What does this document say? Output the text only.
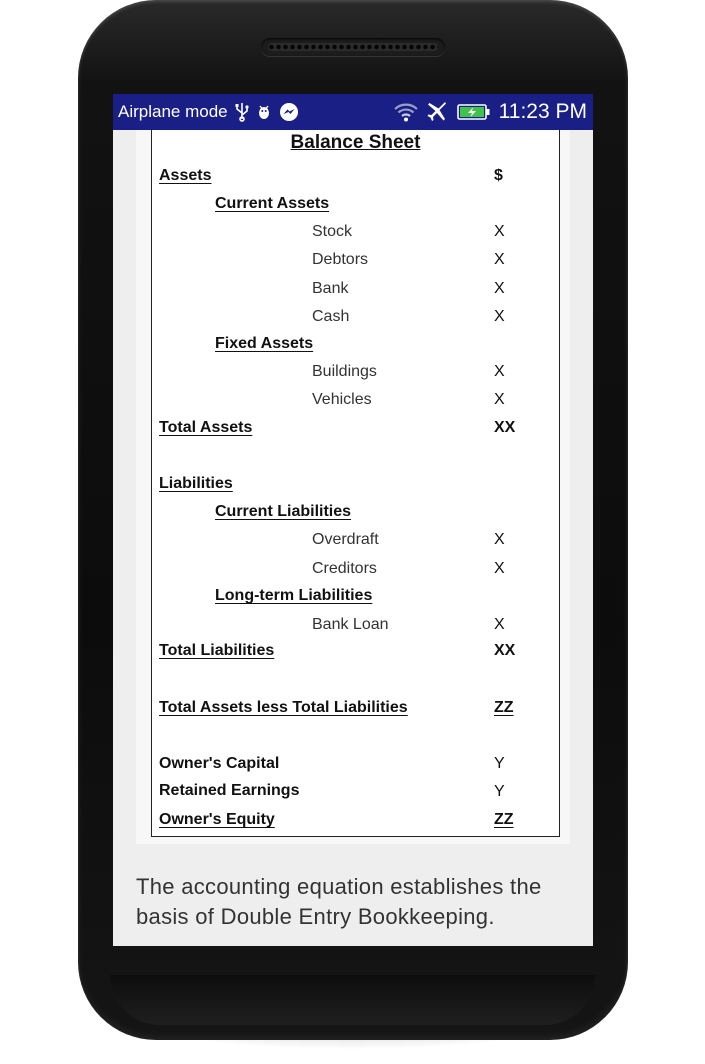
Airplane mode	11:23 PM
Balance Sheet
Assets	$
Current Assets
Stock	X
Debtors	X
Bank	X
Cash	X
Fixed Assets
Buildings	X
Vehicles	X
Total Assets	XX
Liabilities
Current Liabilities
Overdraft	X
Creditors	X
Long-term Liabilities
Bank Loan	X
Total Liabilities	XX
Total Assets less Total Liabilities	ZZ
Owner's Capital	Y
Retained Earnings	Y
Owner's Equity	ZZ
The accounting equation establishes the basis of Double Entry Bookkeeping.
